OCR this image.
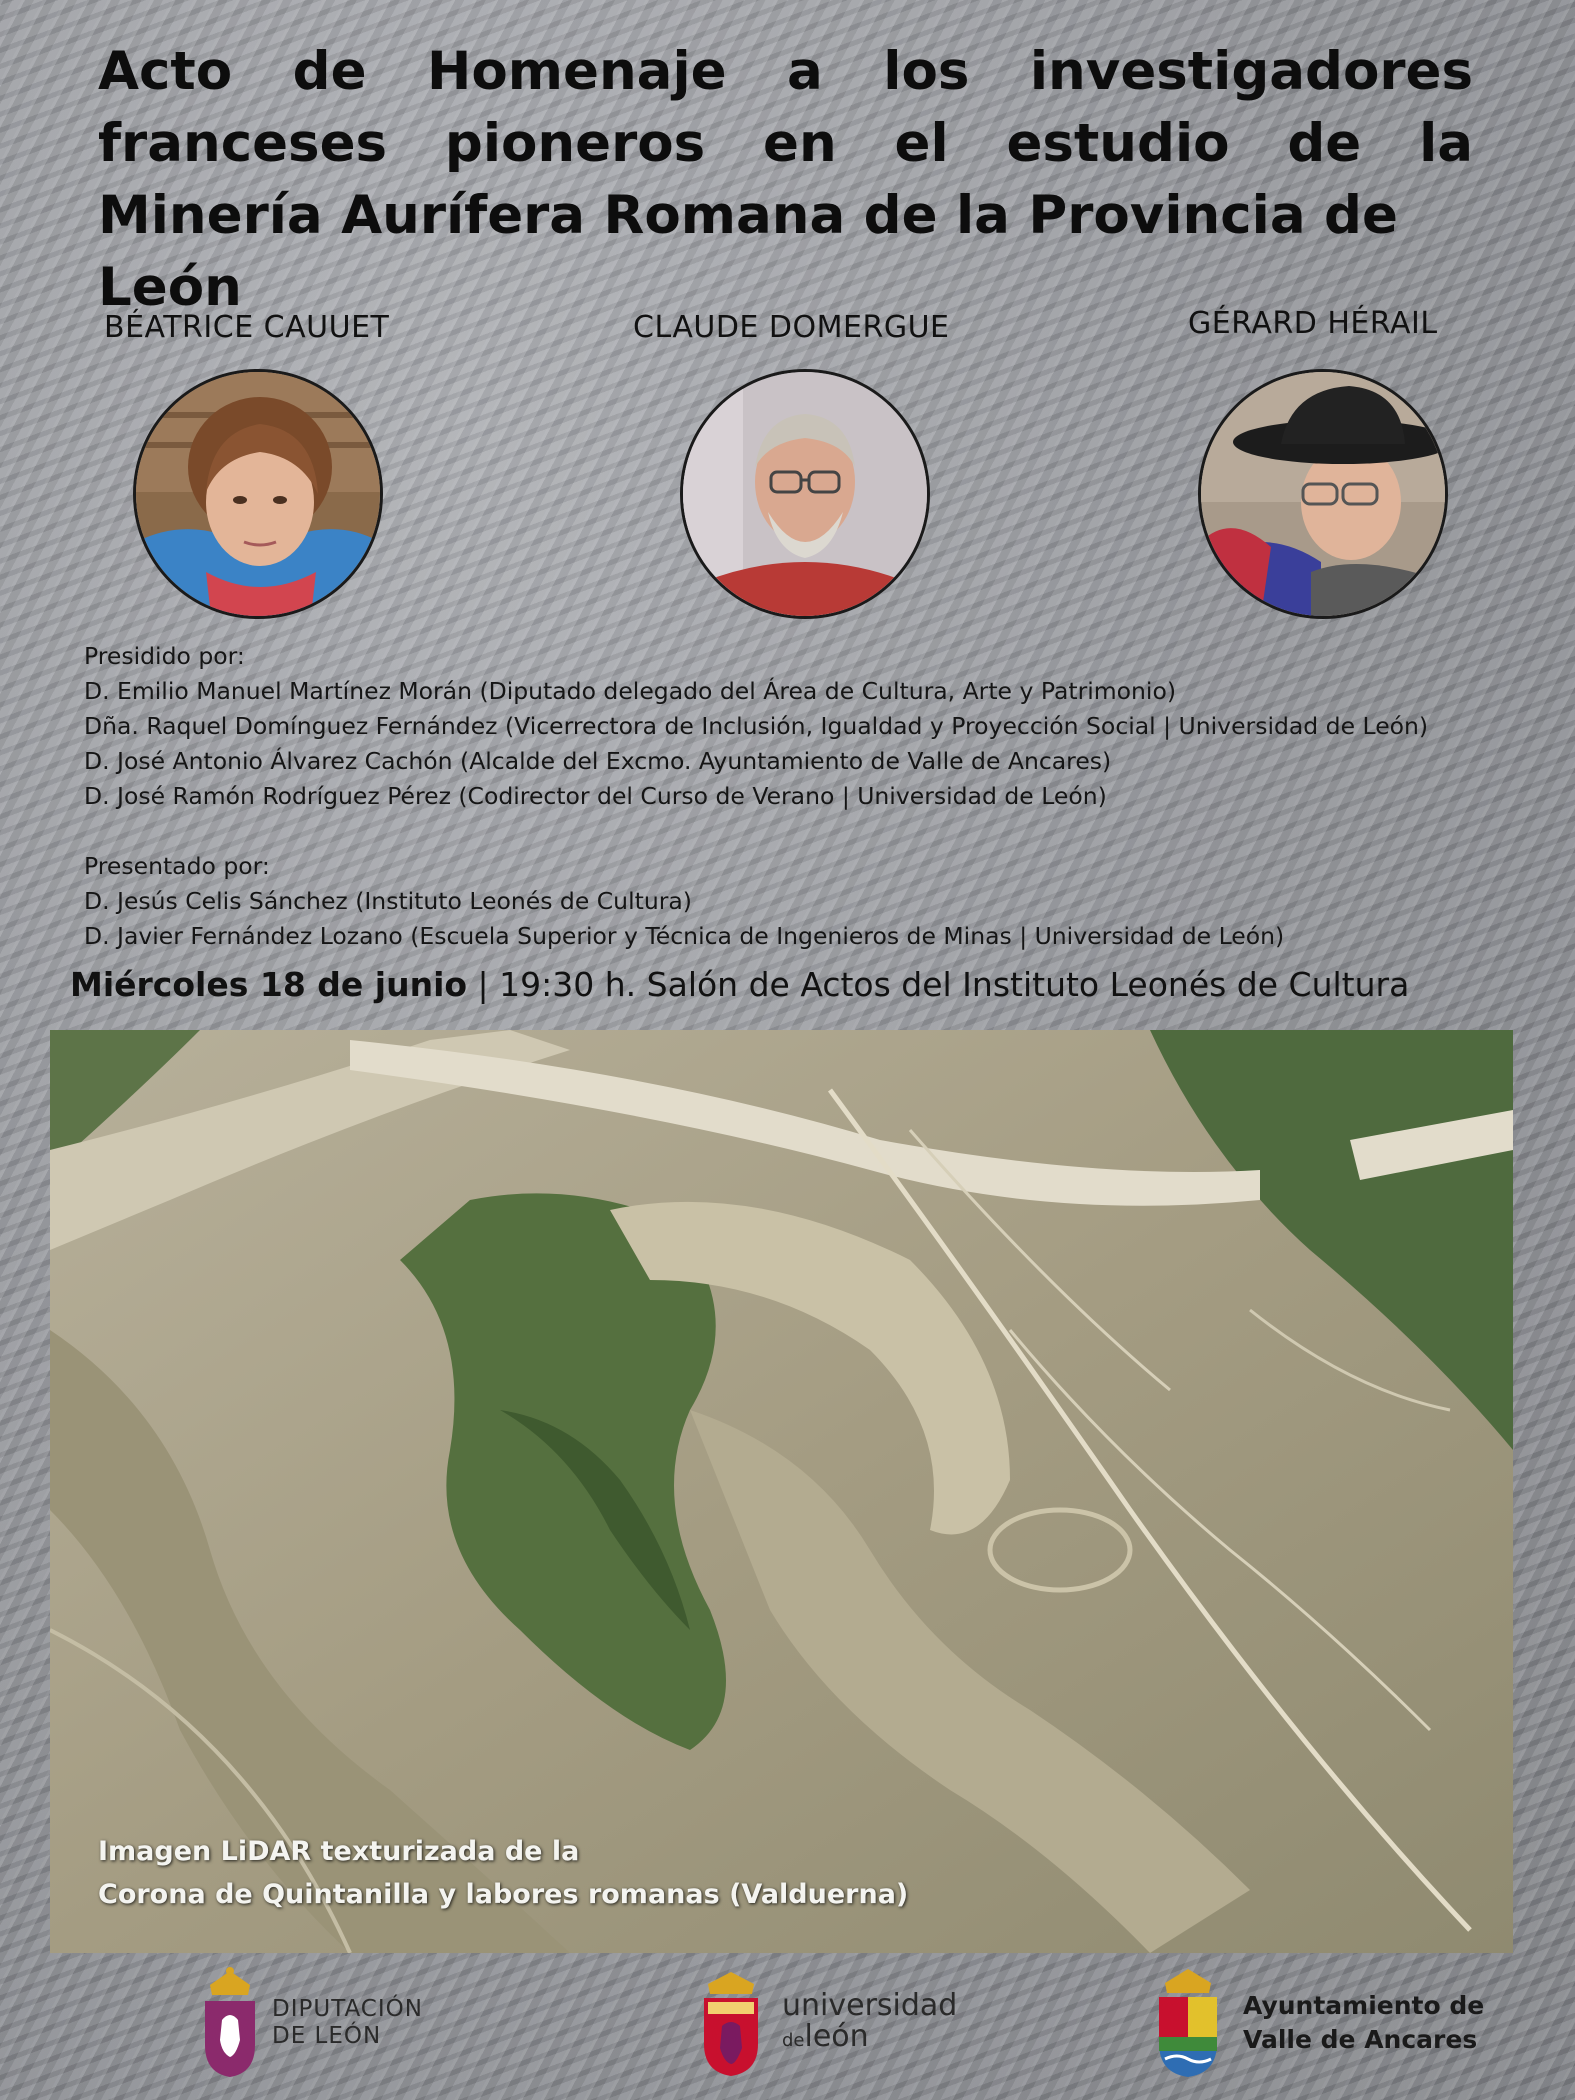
Acto de Homenaje a los investigadores
franceses pioneros en el estudio de la
Minería Aurífera Romana de la Provincia de León
BÉATRICE CAUUET	CLAUDE DOMERGUE	GÉRARD HÉRAIL
Presidido por:
D. Emilio Manuel Martínez Morán (Diputado delegado del Área de Cultura, Arte y Patrimonio)
Dña. Raquel Domínguez Fernández (Vicerrectora de Inclusión, Igualdad y Proyección Social | Universidad de León)
D. José Antonio Álvarez Cachón (Alcalde del Excmo. Ayuntamiento de Valle de Ancares)
D. José Ramón Rodríguez Pérez (Codirector del Curso de Verano | Universidad de León)
Presentado por:
D. Jesús Celis Sánchez (Instituto Leonés de Cultura)
D. Javier Fernández Lozano (Escuela Superior y Técnica de Ingenieros de Minas | Universidad de León)
Miércoles 18 de junio | 19:30 h. Salón de Actos del Instituto Leonés de Cultura
Imagen LiDAR texturizada de la
Corona de Quintanilla y labores romanas (Valduerna)
DIPUTACIÓN
DE LEÓN
universidad
deleón
Ayuntamiento de
Valle de Ancares
